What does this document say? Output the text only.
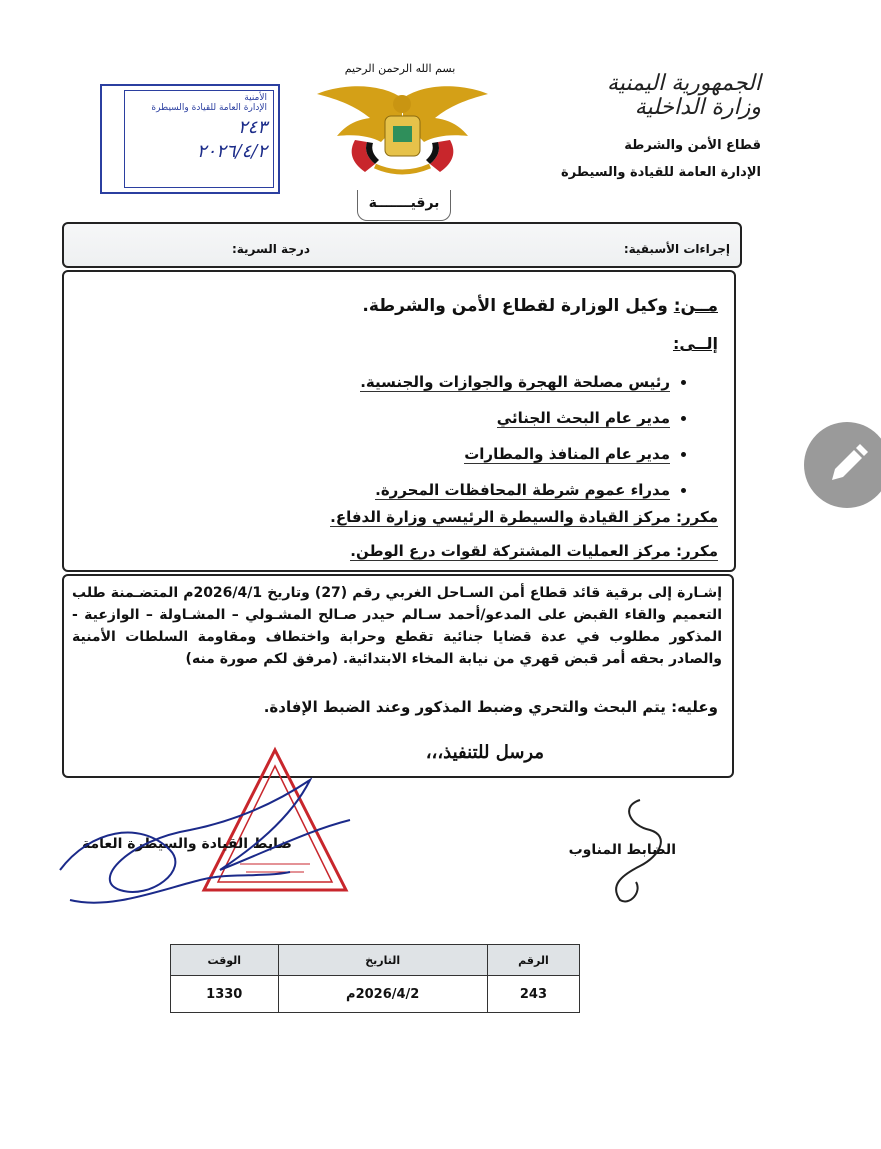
الجمهورية اليمنية
وزارة الداخلية
قطاع الأمن والشرطة
الإدارة العامة للقيادة والسيطرة
بسم الله الرحمن الرحيم
الأمنية
الإدارة العامة للقيادة والسيطرة
٢٤٣
٢٠٢٦/٤/٢
برقيـــــــة
إجراءات الأسبقية:
درجة السرية:
مــن: وكيل الوزارة لقطاع الأمن والشرطة.
إلــى:
• رئيس مصلحة الهجرة والجوازات والجنسية.
• مدير عام البحث الجنائي
• مدير عام المنافذ والمطارات
• مدراء عموم شرطة المحافظات المحررة.
مكرر: مركز القيادة والسيطرة الرئيسي وزارة الدفاع.
مكرر: مركز العمليات المشتركة لقوات درع الوطن.

إشـارة إلى برقية قائد قطاع أمن السـاحل الغربي رقم (27) وتاريخ 2026/4/1م المتضـمنة طلب التعميم والقاء القبض على المدعو/أحمد سـالم حيدر صـالح المشـولي – المشـاولة – الوازعية - المذكور مطلوب في عدة قضايا جنائية تقطع وحرابة واختطاف ومقاومة السلطات الأمنية والصادر بحقه أمر قبض قهري من نيابة المخاء الابتدائية. (مرفق لكم صورة منه)

وعليه: يتم البحث والتحري وضبط المذكور وعند الضبط الإفادة.
مرسل للتنفيذ،،،
ضابط القيادة والسيطرة العامة	الضابط المناوب
الرقم	التاريخ	الوقت
243	2026/4/2م	1330
